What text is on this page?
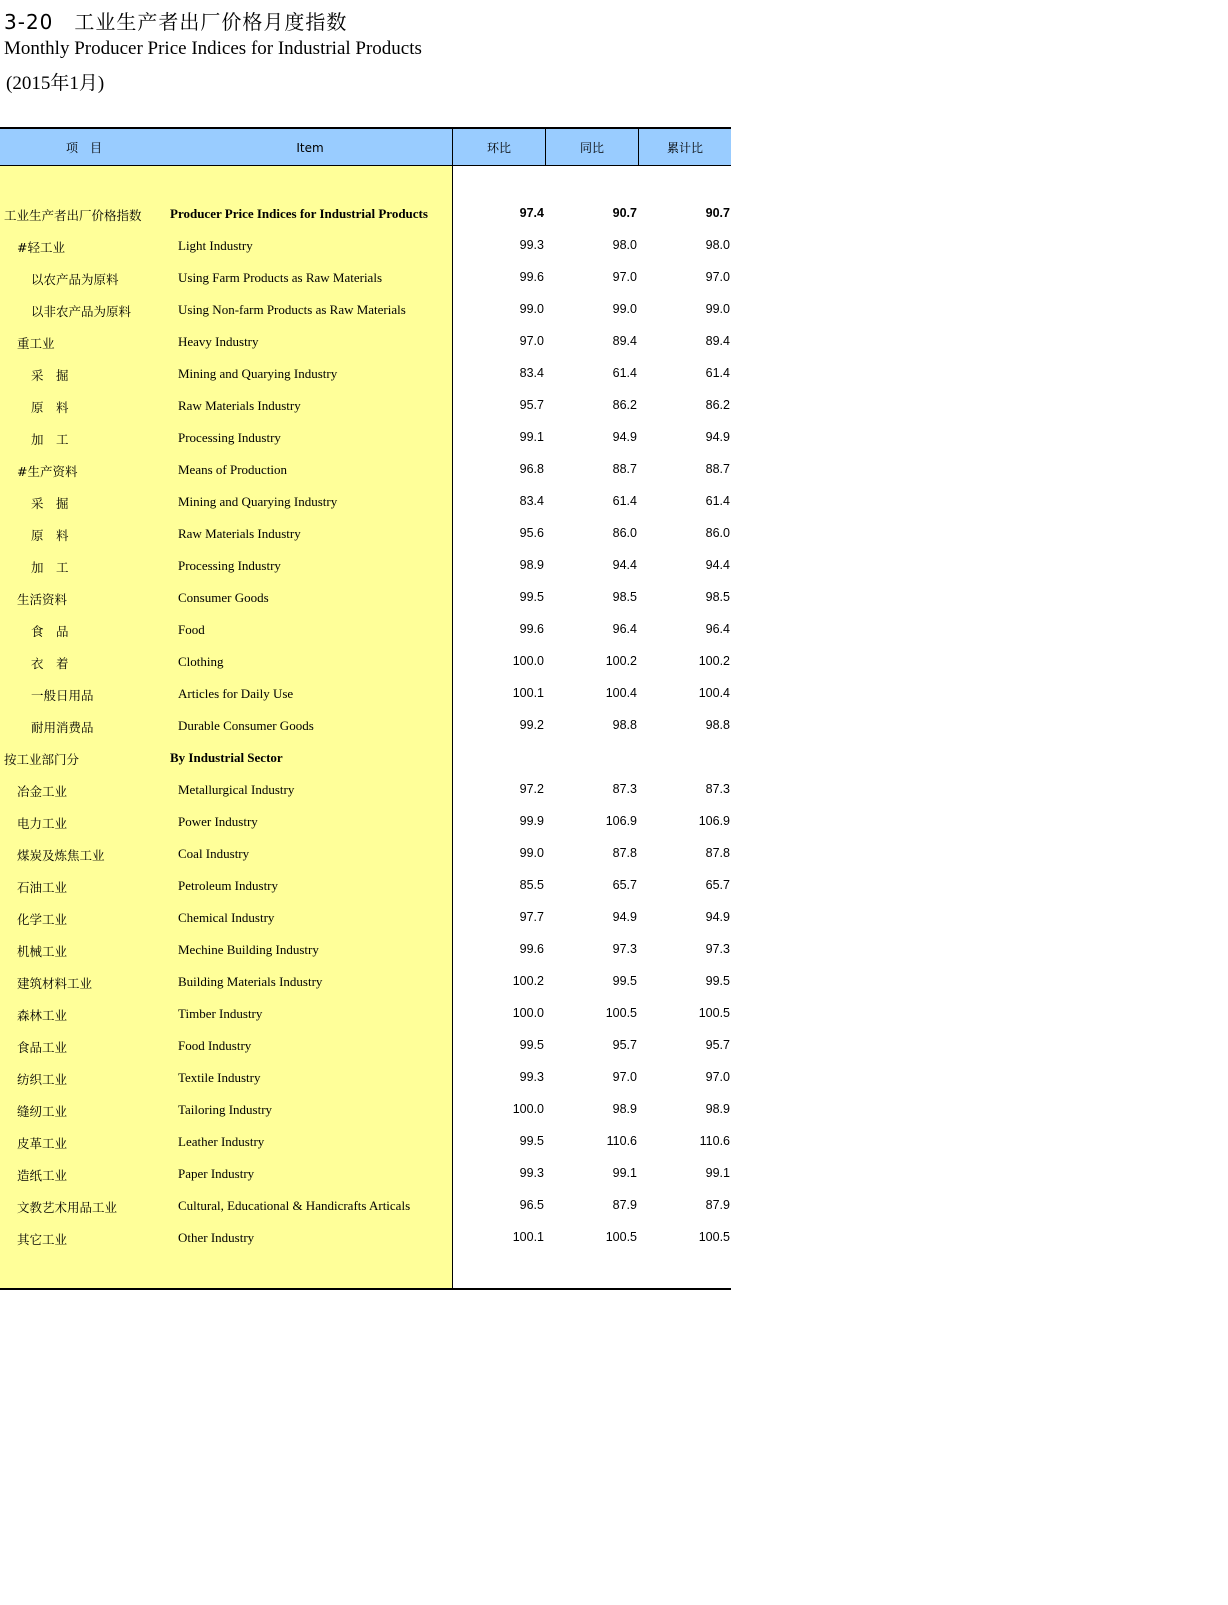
3-20　工业生产者出厂价格月度指数
Monthly Producer Price Indices for Industrial Products
(2015年1月)
项　目	Item	环比	同比	累计比
工业生产者出厂价格指数 Producer Price Indices for Industrial Products	97.4	90.7	90.7
#轻工业	Light Industry	99.3	98.0	98.0
以农产品为原料	Using Farm Products as Raw Materials	99.6	97.0	97.0
以非农产品为原料	Using Non-farm Products as Raw Materials	99.0	99.0	99.0
重工业	Heavy Industry	97.0	89.4	89.4
采　掘	Mining and Quarying Industry	83.4	61.4	61.4
原　料	Raw Materials Industry	95.7	86.2	86.2
加　工	Processing Industry	99.1	94.9	94.9
#生产资料	Means of Production	96.8	88.7	88.7
采　掘	Mining and Quarying Industry	83.4	61.4	61.4
原　料	Raw Materials Industry	95.6	86.0	86.0
加　工	Processing Industry	98.9	94.4	94.4
生活资料	Consumer Goods	99.5	98.5	98.5
食　品	Food	99.6	96.4	96.4
衣　着	Clothing	100.0	100.2	100.2
一般日用品	Articles for Daily Use	100.1	100.4	100.4
耐用消费品	Durable Consumer Goods	99.2	98.8	98.8
按工业部门分	By Industrial Sector
冶金工业	Metallurgical Industry	97.2	87.3	87.3
电力工业	Power Industry	99.9	106.9	106.9
煤炭及炼焦工业	Coal Industry	99.0	87.8	87.8
石油工业	Petroleum Industry	85.5	65.7	65.7
化学工业	Chemical Industry	97.7	94.9	94.9
机械工业	Mechine Building Industry	99.6	97.3	97.3
建筑材料工业	Building Materials Industry	100.2	99.5	99.5
森林工业	Timber Industry	100.0	100.5	100.5
食品工业	Food Industry	99.5	95.7	95.7
纺织工业	Textile Industry	99.3	97.0	97.0
缝纫工业	Tailoring Industry	100.0	98.9	98.9
皮革工业	Leather Industry	99.5	110.6	110.6
造纸工业	Paper Industry	99.3	99.1	99.1
文教艺术用品工业	Cultural, Educational & Handicrafts Articals	96.5	87.9	87.9
其它工业	Other Industry	100.1	100.5	100.5
